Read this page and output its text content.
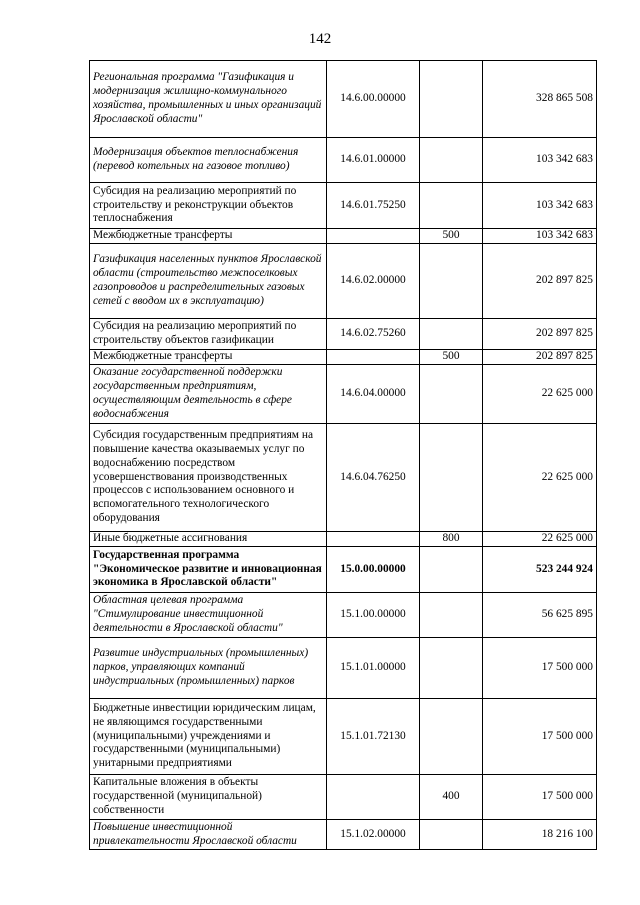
142
Региональная программа "Газификация и модернизация жилищно-коммунального хозяйства, промышленных и иных организаций Ярославской области"	14.6.00.00000		328 865 508
Модернизация объектов теплоснабжения (перевод котельных на газовое топливо)	14.6.01.00000		103 342 683
Субсидия на реализацию мероприятий по строительству и реконструкции объектов теплоснабжения	14.6.01.75250		103 342 683
Межбюджетные трансферты		500	103 342 683
Газификация населенных пунктов Ярославской области (строительство межпоселковых газопроводов и распределительных газовых сетей с вводом их в эксплуатацию)	14.6.02.00000		202 897 825
Субсидия на реализацию мероприятий по строительству объектов газификации	14.6.02.75260		202 897 825
Межбюджетные трансферты		500	202 897 825
Оказание государственной поддержки государственным предприятиям, осуществляющим деятельность в сфере водоснабжения	14.6.04.00000		22 625 000
Субсидия государственным предприятиям на повышение качества оказываемых услуг по водоснабжению посредством усовершенствования производственных процессов с использованием основного и вспомогательного технологического оборудования	14.6.04.76250		22 625 000
Иные бюджетные ассигнования		800	22 625 000
Государственная программа "Экономическое развитие и инновационная экономика в Ярославской области"	15.0.00.00000		523 244 924
Областная целевая программа "Стимулирование инвестиционной деятельности в Ярославской области"	15.1.00.00000		56 625 895
Развитие индустриальных (промышленных) парков, управляющих компаний индустриальных (промышленных) парков	15.1.01.00000		17 500 000
Бюджетные инвестиции юридическим лицам, не являющимся государственными (муниципальными) учреждениями и государственными (муниципальными) унитарными предприятиями	15.1.01.72130		17 500 000
Капитальные вложения в объекты государственной (муниципальной) собственности		400	17 500 000
Повышение инвестиционной привлекательности Ярославской области	15.1.02.00000		18 216 100
